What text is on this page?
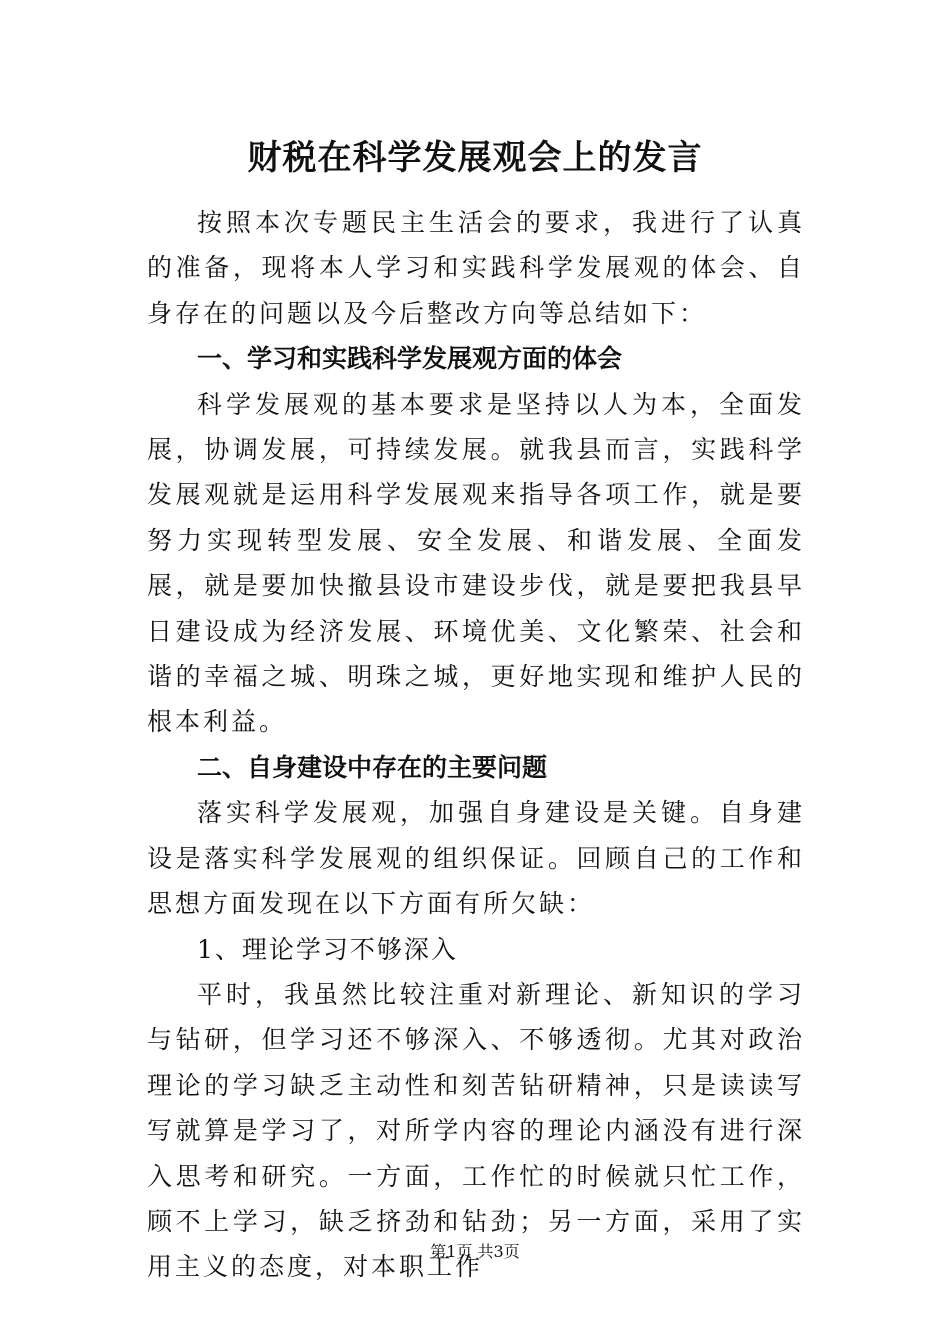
财税在科学发展观会上的发言

按照本次专题民主生活会的要求，我进行了认真的准备，现将本人学习和实践科学发展观的体会、自身存在的问题以及今后整改方向等总结如下：

一、学习和实践科学发展观方面的体会

科学发展观的基本要求是坚持以人为本，全面发展，协调发展，可持续发展。就我县而言，实践科学发展观就是运用科学发展观来指导各项工作，就是要努力实现转型发展、安全发展、和谐发展、全面发展，就是要加快撤县设市建设步伐，就是要把我县早日建设成为经济发展、环境优美、文化繁荣、社会和谐的幸福之城、明珠之城，更好地实现和维护人民的根本利益。

二、自身建设中存在的主要问题

落实科学发展观，加强自身建设是关键。自身建设是落实科学发展观的组织保证。回顾自己的工作和思想方面发现在以下方面有所欠缺：

1、理论学习不够深入

平时，我虽然比较注重对新理论、新知识的学习与钻研，但学习还不够深入、不够透彻。尤其对政治理论的学习缺乏主动性和刻苦钻研精神，只是读读写写就算是学习了，对所学内容的理论内涵没有进行深入思考和研究。一方面，工作忙的时候就只忙工作，顾不上学习，缺乏挤劲和钻劲；另一方面，采用了实用主义的态度，对本职工作

第1页 共3页
